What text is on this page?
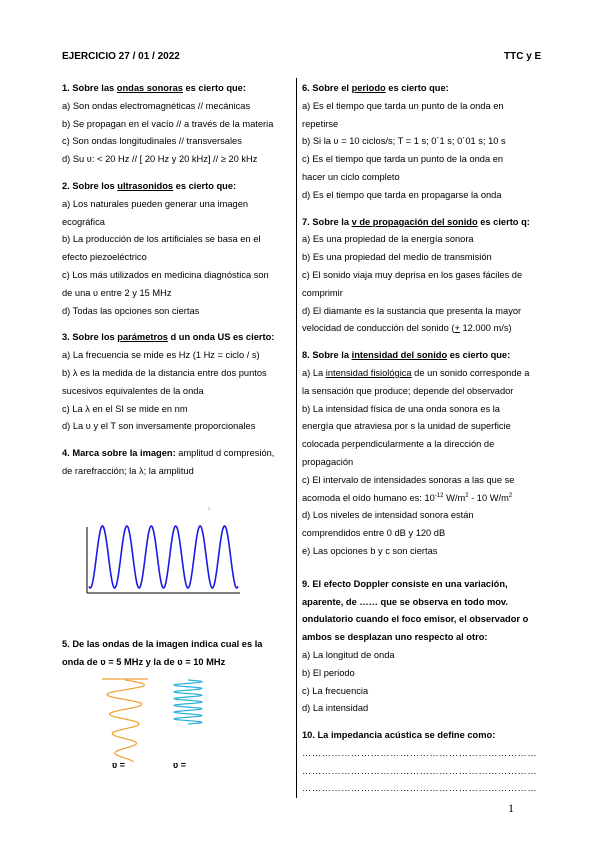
EJERCICIO 27 / 01 / 2022	TTC y E
1. Sobre las ondas sonoras es cierto que:
a) Son ondas electromagnéticas // mecánicas
b) Se propagan en el vacío // a través de la materia
c) Son ondas longitudinales // transversales
d) Su ʋ: < 20 Hz // [ 20 Hz y 20 kHz] // ≥ 20 kHz
2. Sobre los ultrasonidos es cierto que:
a) Los naturales pueden generar una imagen
ecográfica
b) La producción de los artificiales se basa en el
efecto piezoeléctrico
c) Los más utilizados en medicina diagnóstica son
de una ʋ entre 2 y 15 MHz
d) Todas las opciones son ciertas
3. Sobre los parámetros d un onda US es cierto:
a) La frecuencia se mide es Hz (1 Hz = ciclo / s)
b) λ es la medida de la distancia entre dos puntos
sucesivos equivalentes de la onda
c) La λ en el SI se mide en nm
d) La ʋ y el T son inversamente proporcionales
4. Marca sobre la imagen: amplitud d compresión,
de rarefracción; la λ; la amplitud
5. De las ondas de la imagen indica cual es la
onda de ʋ = 5 MHz y la de ʋ = 10 MHz
ʋ =	ʋ =
6. Sobre el periodo es cierto que:
a) Es el tiempo que tarda un punto de la onda en
repetirse
b) Si la ʋ = 10 ciclos/s; T = 1 s; 0´1 s; 0´01 s; 10 s
c) Es el tiempo que tarda un punto de la onda en
hacer un ciclo completo
d) Es el tiempo que tarda en propagarse la onda
7. Sobre la v de propagación del sonido es cierto q:
a) Es una propiedad de la energía sonora
b) Es una propiedad del medio de transmisión
c) El sonido viaja muy deprisa en los gases fáciles de
comprimir
d) El diamante es la sustancia que presenta la mayor
velocidad de conducción del sonido (+ 12.000 m/s)
8. Sobre la intensidad del sonido es cierto que:
a) La intensidad fisiológica de un sonido corresponde a
la sensación que produce; depende del observador
b) La intensidad física de una onda sonora es la
energía que atraviesa por s la unidad de superficie
colocada perpendicularmente a la dirección de
propagación
c) El intervalo de intensidades sonoras a las que se
acomoda el oído humano es: $10^{-12}$ $W/m^2 - 10$ $W/m^2$
d) Los niveles de intensidad sonora están
comprendidos entre 0 dB y 120 dB
e) Las opciones b y c son ciertas
9. El efecto Doppler consiste en una variación,
aparente, de …… que se observa en todo mov.
ondulatorio cuando el foco emisor, el observador o
ambos se desplazan uno respecto al otro:
a) La longitud de onda
b) El periodo
c) La frecuencia
d) La intensidad
10. La impedancia acústica se define como:
………………………………………………………………
………………………………………………………………
………………………………………………………………
1
